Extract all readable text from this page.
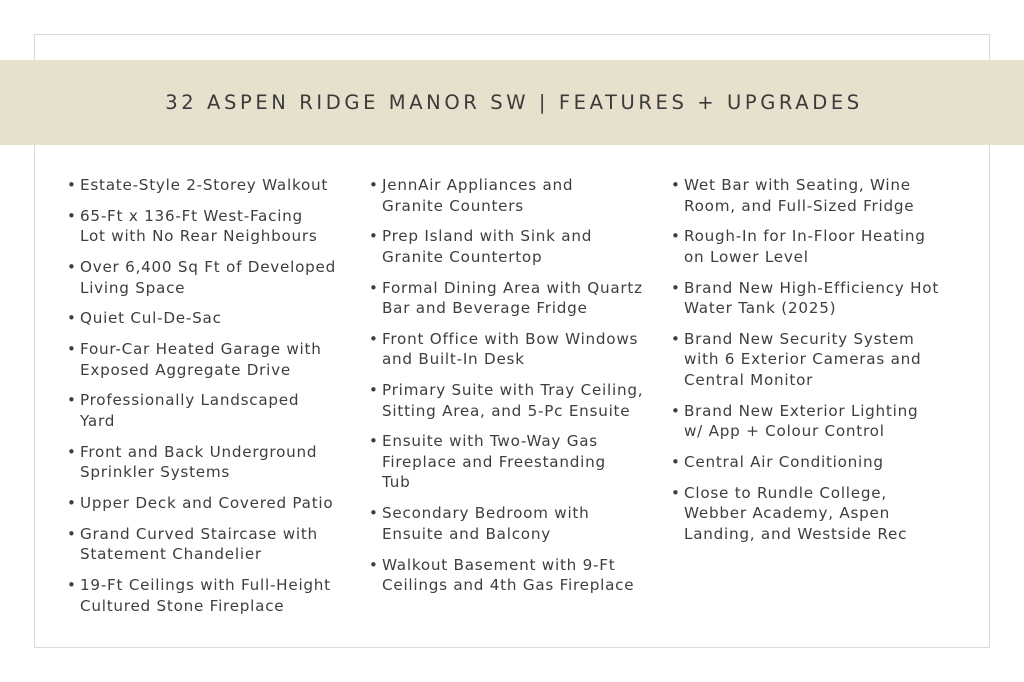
32 ASPEN RIDGE MANOR SW | FEATURES + UPGRADES
• Estate-Style 2-Storey Walkout
• 65-Ft x 136-Ft West-Facing
Lot with No Rear Neighbours
• Over 6,400 Sq Ft of Developed
Living Space
• Quiet Cul-De-Sac
• Four-Car Heated Garage with
Exposed Aggregate Drive
• Professionally Landscaped
Yard
• Front and Back Underground
Sprinkler Systems
• Upper Deck and Covered Patio
• Grand Curved Staircase with
Statement Chandelier
• 19-Ft Ceilings with Full-Height
Cultured Stone Fireplace
• JennAir Appliances and
Granite Counters
• Prep Island with Sink and
Granite Countertop
• Formal Dining Area with Quartz
Bar and Beverage Fridge
• Front Office with Bow Windows
and Built-In Desk
• Primary Suite with Tray Ceiling,
Sitting Area, and 5-Pc Ensuite
• Ensuite with Two-Way Gas
Fireplace and Freestanding
Tub
• Secondary Bedroom with
Ensuite and Balcony
• Walkout Basement with 9-Ft
Ceilings and 4th Gas Fireplace
• Wet Bar with Seating, Wine
Room, and Full-Sized Fridge
• Rough-In for In-Floor Heating
on Lower Level
• Brand New High-Efficiency Hot
Water Tank (2025)
• Brand New Security System
with 6 Exterior Cameras and
Central Monitor
• Brand New Exterior Lighting
w/ App + Colour Control
• Central Air Conditioning
• Close to Rundle College,
Webber Academy, Aspen
Landing, and Westside Rec
